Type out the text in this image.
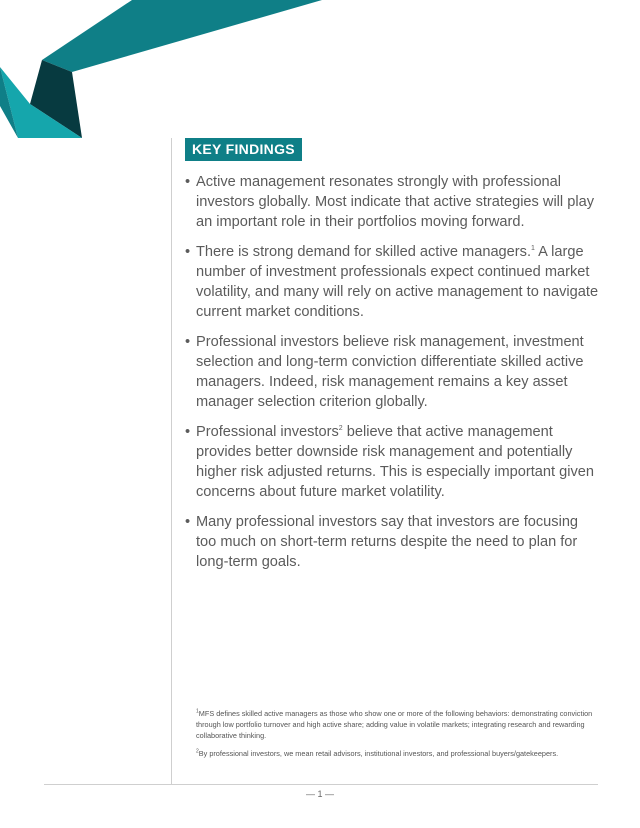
KEY FINDINGS
• Active management resonates strongly with professional investors globally. Most indicate that active strategies will play an important role in their portfolios moving forward.
• There is strong demand for skilled active managers.$^1$ A large number of investment professionals expect continued market volatility, and many will rely on active management to navigate current market conditions.
• Professional investors believe risk management, investment selection and long-term conviction differentiate skilled active managers. Indeed, risk management remains a key asset manager selection criterion globally.
• Professional investors$^2$ believe that active management provides better downside risk management and potentially higher risk adjusted returns. This is especially important given concerns about future market volatility.
• Many professional investors say that investors are focusing too much on short-term returns despite the need to plan for long-term goals.

$^1$MFS defines skilled active managers as those who show one or more of the following behaviors: demonstrating conviction through low portfolio turnover and high active share; adding value in volatile markets; integrating research and rewarding collaborative thinking.

$^2$By professional investors, we mean retail advisors, institutional investors, and professional buyers/gatekeepers.

— 1 —
